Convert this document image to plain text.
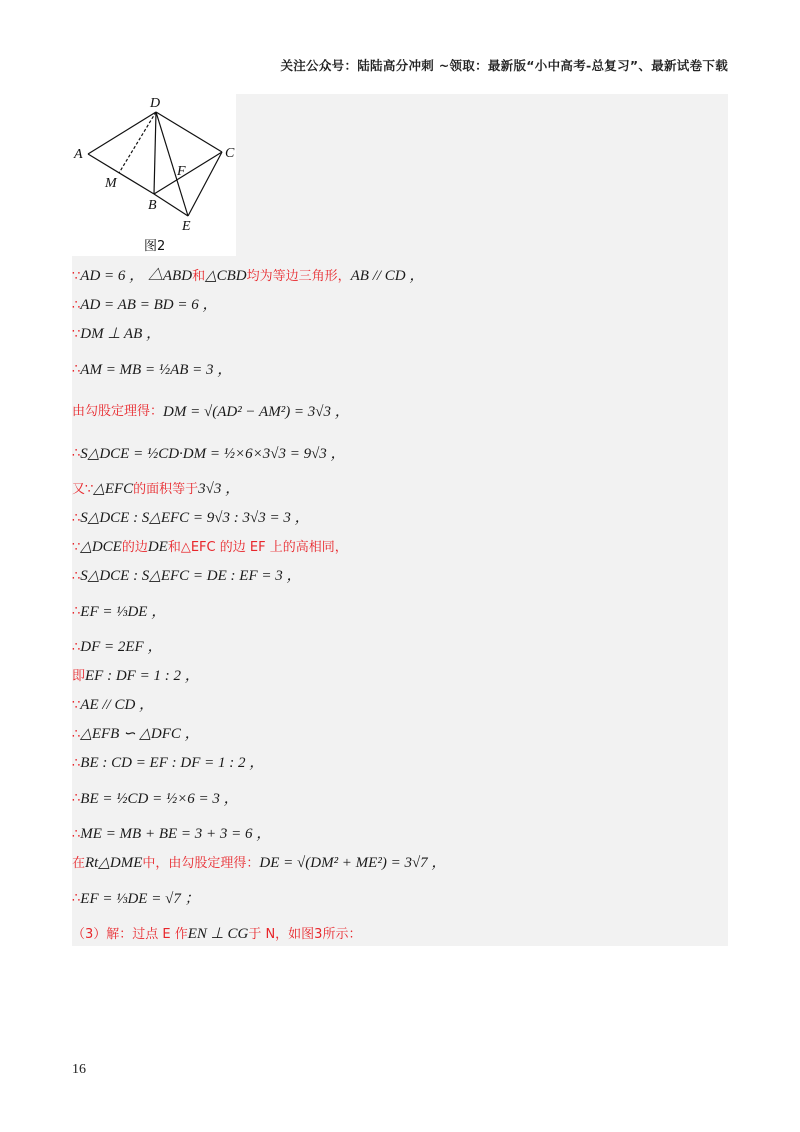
关注公众号：陆陆高分冲刺 ~领取：最新版“小中高考-总复习”、最新试卷下载
D
A	C
M
B
F
E
图2
∵ AD = 6 ， △ABD 和 △CBD 均为等边三角形， AB // CD ，
∴ AD = AB = BD = 6 ，
∵ DM ⊥ AB ，
∴ AM = MB = ½AB = 3 ，
由勾股定理得： DM = √(AD² − AM²) = 3√3 ，
∴ S△DCE = ½CD·DM = ½×6×3√3 = 9√3 ，
又∵ △EFC 的面积等于 3√3 ，
∴ S△DCE : S△EFC = 9√3 : 3√3 = 3 ，
∵ △DCE 的边 DE 和△EFC 的边 EF 上的高相同，
∴ S△DCE : S△EFC = DE : EF = 3 ，
∴ EF = ⅓DE ，
∴ DF = 2EF ，
即 EF : DF = 1 : 2 ，
∵ AE // CD ，
∴ △EFB ∽ △DFC ，
∴ BE : CD = EF : DF = 1 : 2 ，
∴ BE = ½CD = ½×6 = 3 ，
∴ ME = MB + BE = 3 + 3 = 6 ，
在 Rt△DME 中，由勾股定理得： DE = √(DM² + ME²) = 3√7 ，
∴ EF = ⅓DE = √7 ；
（3）解：过点 E 作 EN ⊥ CG 于 N，如图3所示：
16
